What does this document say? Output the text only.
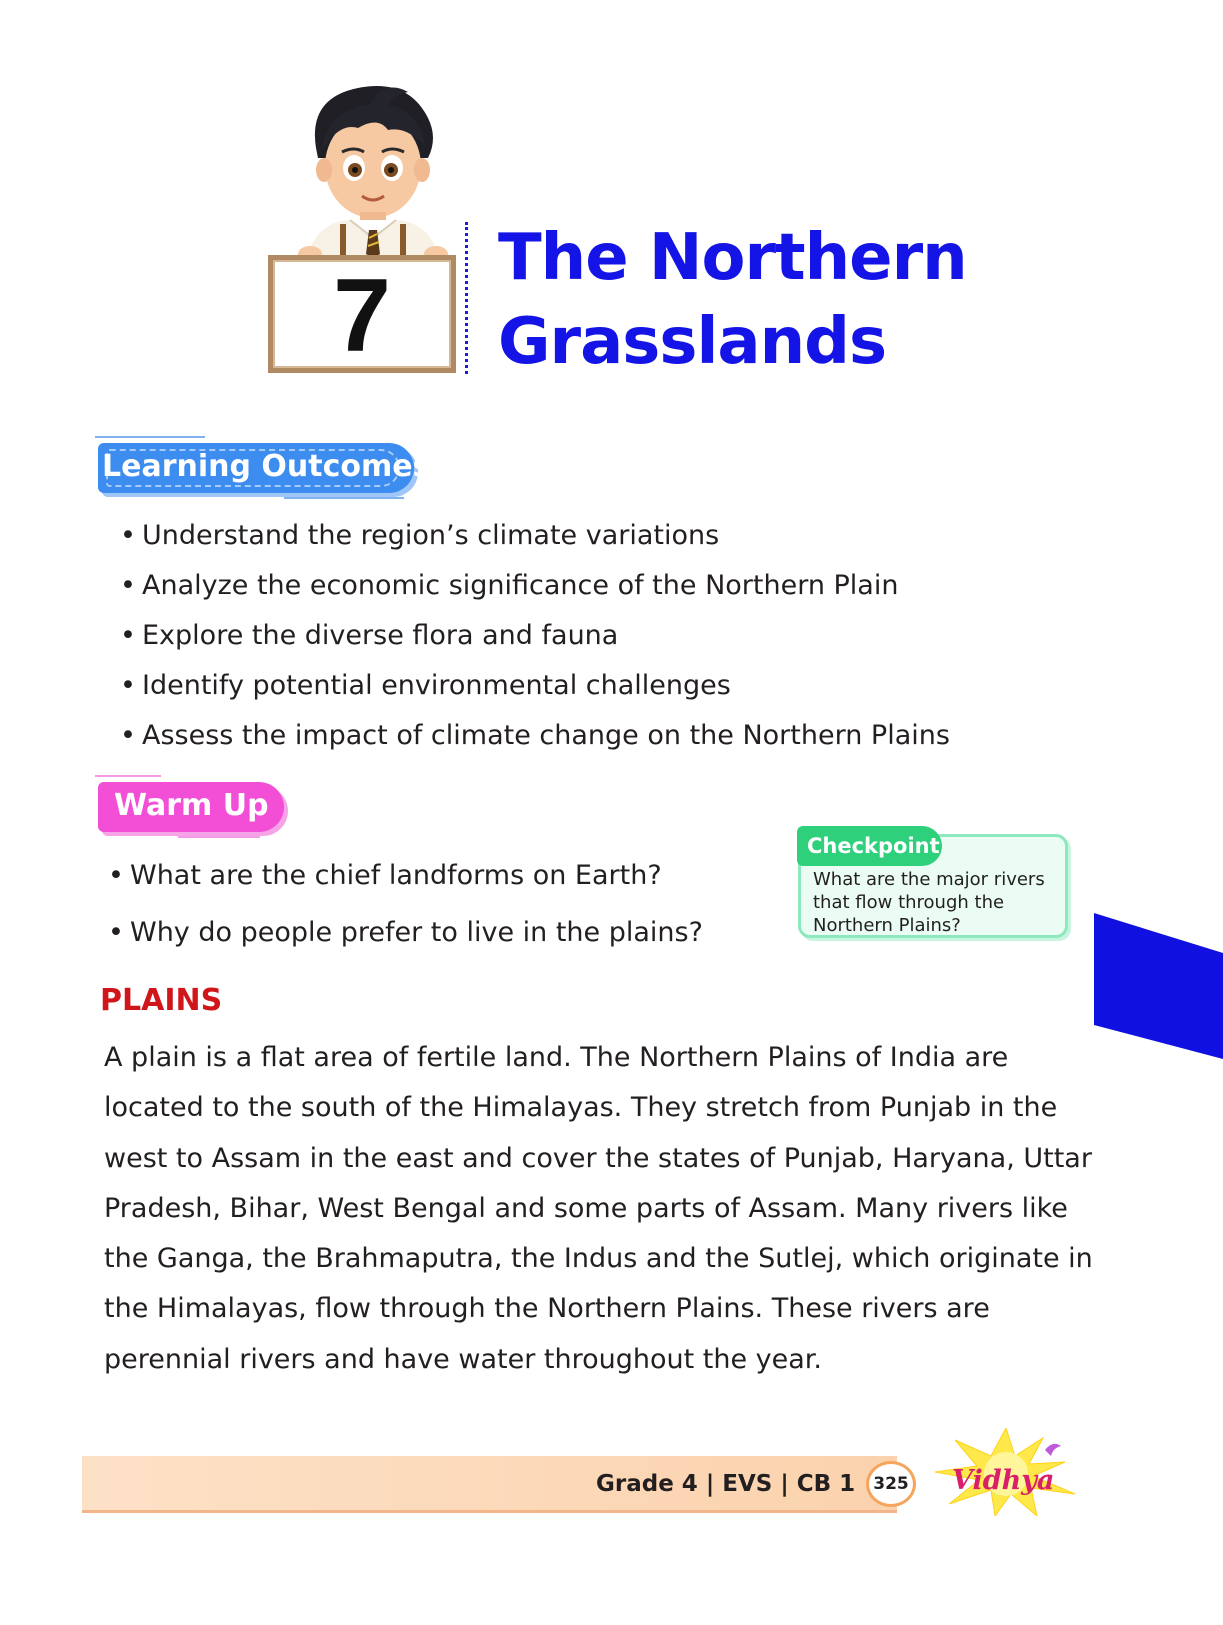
7	The Northern
Grasslands
Learning Outcomes
• Understand the region’s climate variations
• Analyze the economic significance of the Northern Plain
• Explore the diverse flora and fauna
• Identify potential environmental challenges
• Assess the impact of climate change on the Northern Plains
Warm Up
• What are the chief landforms on Earth?
• Why do people prefer to live in the plains?
Checkpoint
What are the major rivers that flow through the Northern Plains?
PLAINS
A plain is a flat area of fertile land. The Northern Plains of India are located to the south of the Himalayas. They stretch from Punjab in the west to Assam in the east and cover the states of Punjab, Haryana, Uttar Pradesh, Bihar, West Bengal and some parts of Assam. Many rivers like the Ganga, the Brahmaputra, the Indus and the Sutlej, which originate in the Himalayas, flow through the Northern Plains. These rivers are perennial rivers and have water throughout the year.
Grade 4 | EVS | CB 1 325 Vidhya
